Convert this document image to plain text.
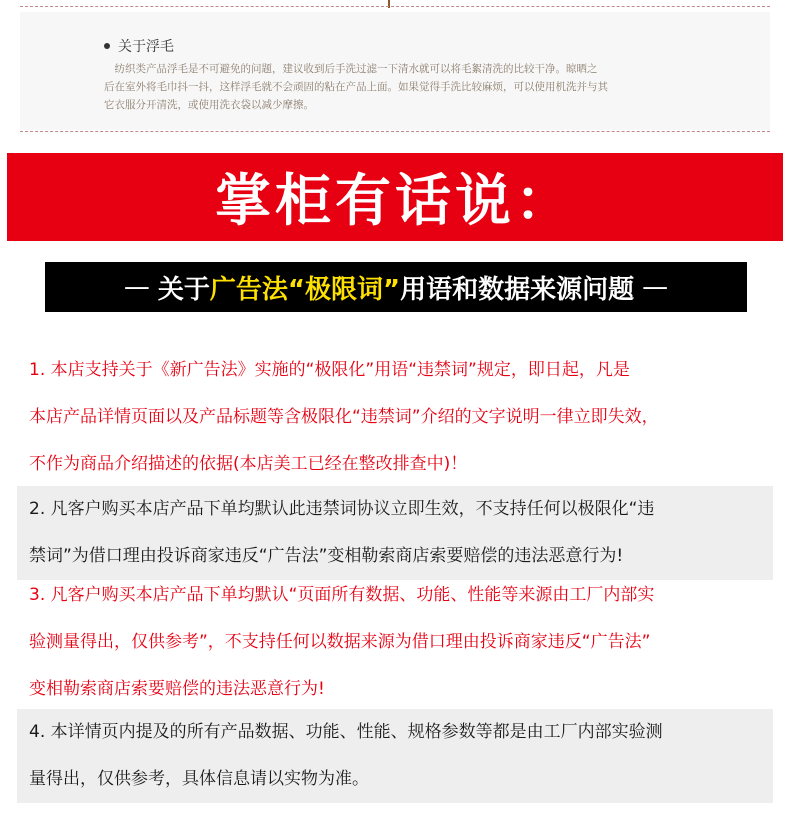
关于浮毛
纺织类产品浮毛是不可避免的问题，建议收到后手洗过滤一下清水就可以将毛絮清洗的比较干净。晾晒之
后在室外将毛巾抖一抖，这样浮毛就不会顽固的粘在产品上面。如果觉得手洗比较麻烦，可以使用机洗并与其
它衣服分开清洗，或使用洗衣袋以减少摩擦。
掌柜有话说：
— 关于 广告法 “极限词” 用语和数据来源问题 —

1. 本店支持关于《新广告法》实施的“极限化”用语“违禁词”规定，即日起，凡是

本店产品详情页面以及产品标题等含极限化“违禁词”介绍的文字说明一律立即失效，

不作为商品介绍描述的依据(本店美工已经在整改排查中)！

2. 凡客户购买本店产品下单均默认此违禁词协议立即生效，不支持任何以极限化“违

禁词”为借口理由投诉商家违反“广告法”变相勒索商店索要赔偿的违法恶意行为!

3. 凡客户购买本店产品下单均默认“页面所有数据、功能、性能等来源由工厂内部实

验测量得出，仅供参考”，不支持任何以数据来源为借口理由投诉商家违反“广告法”

变相勒索商店索要赔偿的违法恶意行为!

4. 本详情页内提及的所有产品数据、功能、性能、规格参数等都是由工厂内部实验测

量得出，仅供参考，具体信息请以实物为准。
